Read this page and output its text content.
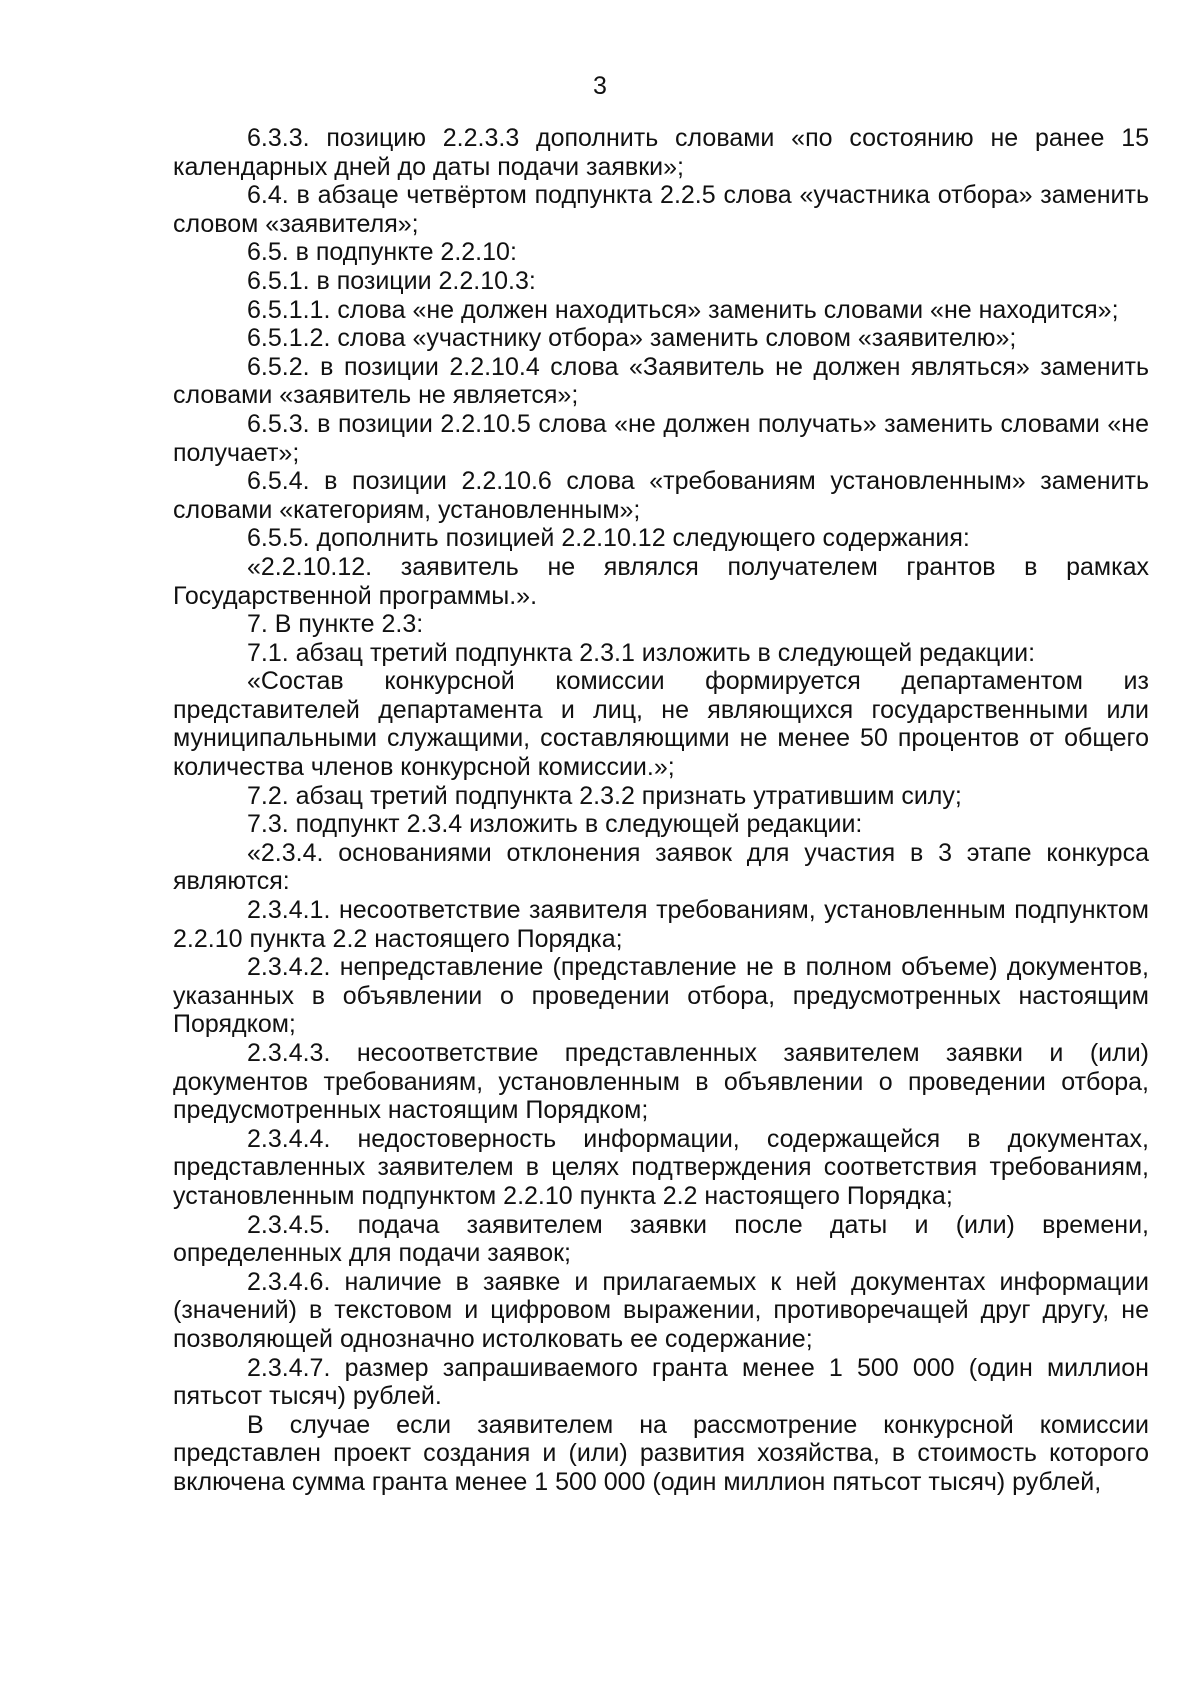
3

6.3.3. позицию 2.2.3.3 дополнить словами «по состоянию не ранее 15 календарных дней до даты подачи заявки»;

6.4. в абзаце четвёртом подпункта 2.2.5 слова «участника отбора» заменить словом «заявителя»;

6.5. в подпункте 2.2.10:

6.5.1. в позиции 2.2.10.3:

6.5.1.1. слова «не должен находиться» заменить словами «не находится»;

6.5.1.2. слова «участнику отбора» заменить словом «заявителю»;

6.5.2. в позиции 2.2.10.4 слова «Заявитель не должен являться» заменить словами «заявитель не является»;

6.5.3. в позиции 2.2.10.5 слова «не должен получать» заменить словами «не получает»;

6.5.4. в позиции 2.2.10.6 слова «требованиям установленным» заменить словами «категориям, установленным»;

6.5.5. дополнить позицией 2.2.10.12 следующего содержания:

«2.2.10.12. заявитель не являлся получателем грантов в рамках Государственной программы.».

7. В пункте 2.3:

7.1. абзац третий подпункта 2.3.1 изложить в следующей редакции:

«Состав конкурсной комиссии формируется департаментом из представителей департамента и лиц, не являющихся государственными или муниципальными служащими, составляющими не менее 50 процентов от общего количества членов конкурсной комиссии.»;

7.2. абзац третий подпункта 2.3.2 признать утратившим силу;

7.3. подпункт 2.3.4 изложить в следующей редакции:

«2.3.4. основаниями отклонения заявок для участия в 3 этапе конкурса являются:

2.3.4.1. несоответствие заявителя требованиям, установленным подпунктом 2.2.10 пункта 2.2 настоящего Порядка;

2.3.4.2. непредставление (представление не в полном объеме) документов, указанных в объявлении о проведении отбора, предусмотренных настоящим Порядком;

2.3.4.3. несоответствие представленных заявителем заявки и (или) документов требованиям, установленным в объявлении о проведении отбора, предусмотренных настоящим Порядком;

2.3.4.4. недостоверность информации, содержащейся в документах, представленных заявителем в целях подтверждения соответствия требованиям, установленным подпунктом 2.2.10 пункта 2.2 настоящего Порядка;

2.3.4.5. подача заявителем заявки после даты и (или) времени, определенных для подачи заявок;

2.3.4.6. наличие в заявке и прилагаемых к ней документах информации (значений) в текстовом и цифровом выражении, противоречащей друг другу, не позволяющей однозначно истолковать ее содержание;

2.3.4.7. размер запрашиваемого гранта менее 1 500 000 (один миллион пятьсот тысяч) рублей.

В случае если заявителем на рассмотрение конкурсной комиссии представлен проект создания и (или) развития хозяйства, в стоимость которого включена сумма гранта менее 1 500 000 (один миллион пятьсот тысяч) рублей,
